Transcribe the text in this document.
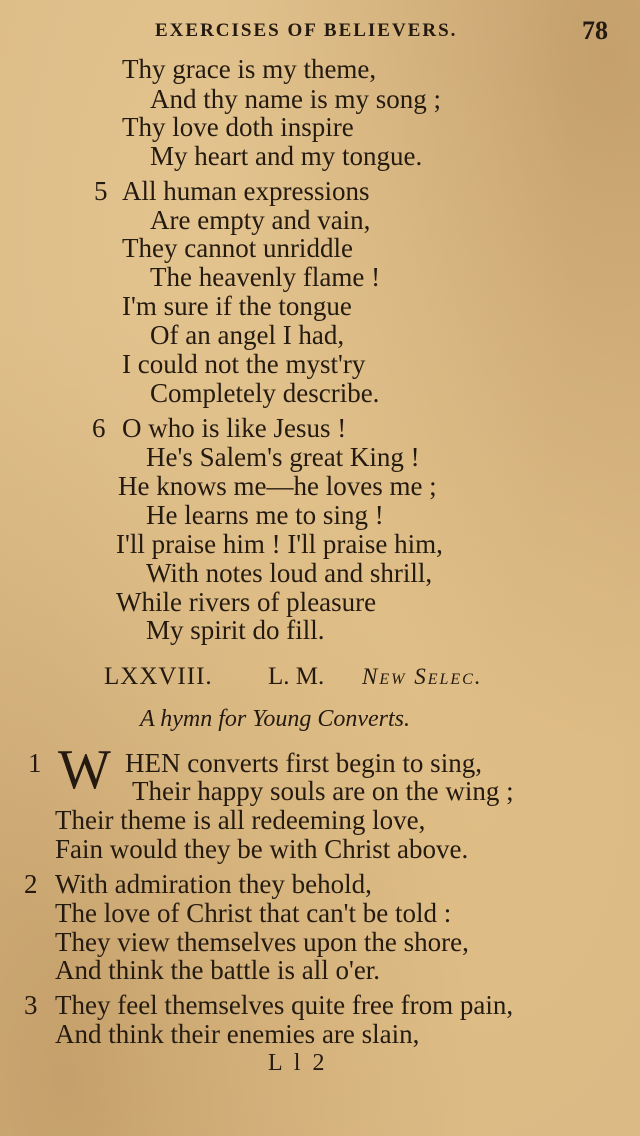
EXERCISES OF BELIEVERS.	78
Thy grace is my theme,
And thy name is my song ;
Thy love doth inspire
My heart and my tongue.
5 All human expressions
Are empty and vain,
They cannot unriddle
The heavenly flame !
I'm sure if the tongue
Of an angel I had,
I could not the myst'ry
Completely describe.
6 O who is like Jesus !
He's Salem's great King !
He knows me—he loves me ;
He learns me to sing !
I'll praise him ! I'll praise him,
With notes loud and shrill,
While rivers of pleasure
My spirit do fill.
LXXVIII. L. M. New Selec.
A hymn for Young Converts.
1 W HEN converts first begin to sing,
Their happy souls are on the wing ;
Their theme is all redeeming love,
Fain would they be with Christ above.
2 With admiration they behold,
The love of Christ that can't be told :
They view themselves upon the shore,
And think the battle is all o'er.
3 They feel themselves quite free from pain,
And think their enemies are slain,
L l 2
